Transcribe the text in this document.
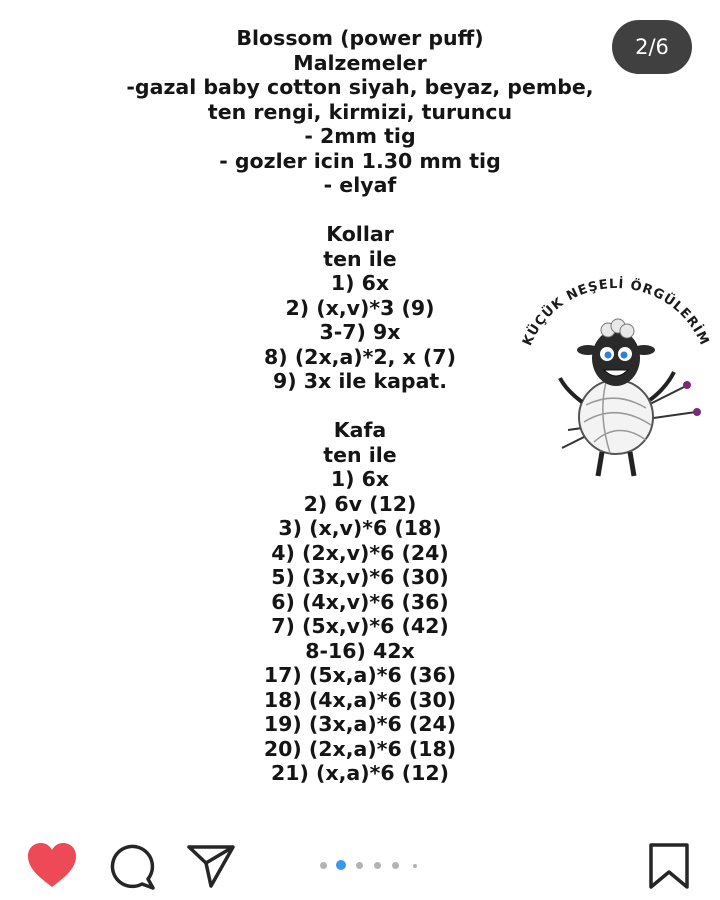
Blossom (power puff)
Malzemeler
-gazal baby cotton siyah, beyaz, pembe,
ten rengi, kirmizi, turuncu
- 2mm tig
- gozler icin 1.30 mm tig
- elyaf
Kollar
ten ile
1) 6x
2) (x,v)*3 (9)
3-7) 9x
8) (2x,a)*2, x (7)
9) 3x ile kapat.
Kafa
ten ile
1) 6x
2) 6v (12)
3) (x,v)*6 (18)
4) (2x,v)*6 (24)
5) (3x,v)*6 (30)
6) (4x,v)*6 (36)
7) (5x,v)*6 (42)
8-16) 42x
17) (5x,a)*6 (36)
18) (4x,a)*6 (30)
19) (3x,a)*6 (24)
20) (2x,a)*6 (18)
21) (x,a)*6 (12)
2/6
KÜÇÜK NEŞELİ ÖRGÜLERİM
